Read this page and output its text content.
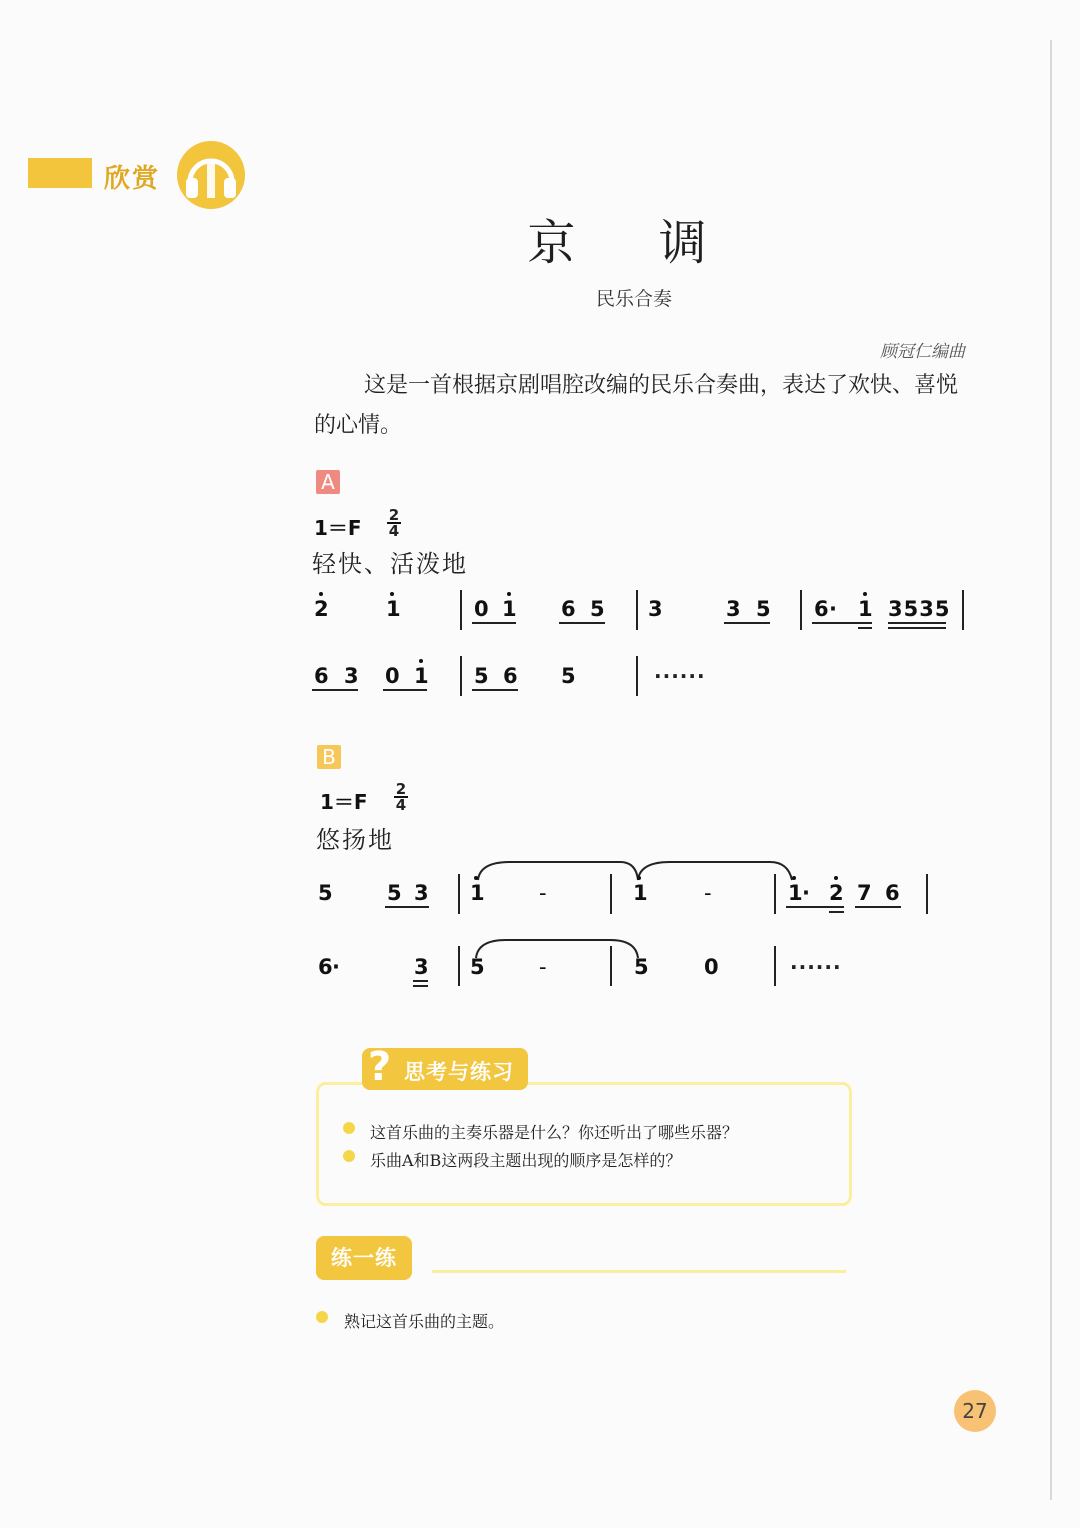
欣赏
京 调
民乐合奏
顾冠仁编曲
这是一首根据京剧唱腔改编的民乐合奏曲，表达了欢快、喜悦的心情。
A
1＝F
2
4
轻快、活泼地
2	1	0 1 6 5 3	3 5 6 · 1 3535
6 3 0 1 5 6 5	······
B
1＝F
2
4
悠扬地
5	5 3 1	-	1	-	1 · 2 7 6
6 ·	3 5	-	5	0	······
? 思考与练习
这首乐曲的主奏乐器是什么？你还听出了哪些乐器？
乐曲A和B这两段主题出现的顺序是怎样的？
练一练
熟记这首乐曲的主题。
27
